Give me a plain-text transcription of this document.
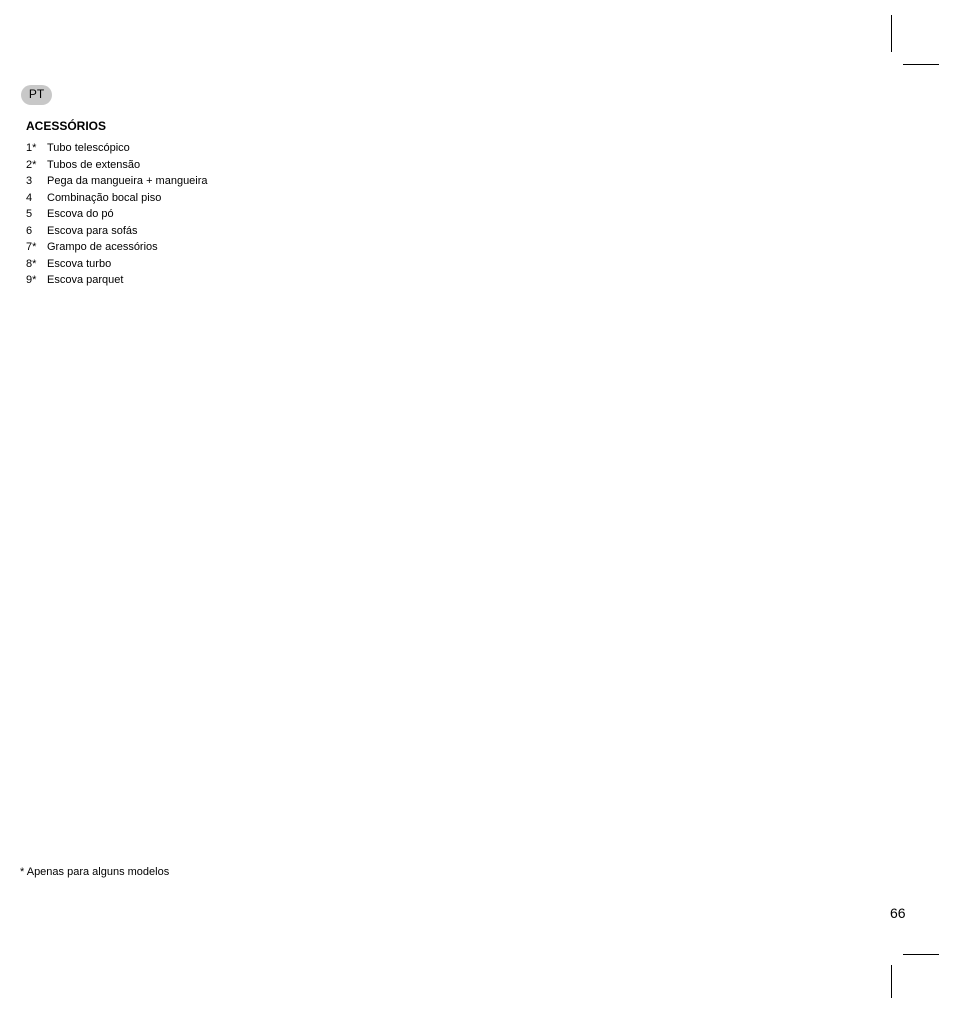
PT
ACESSÓRIOS
1* Tubo telescópico
2* Tubos de extensão
3 Pega da mangueira + mangueira
4 Combinação bocal piso
5 Escova do pó
6 Escova para sofás
7* Grampo de acessórios
8* Escova turbo
9* Escova parquet
* Apenas para alguns modelos
66
